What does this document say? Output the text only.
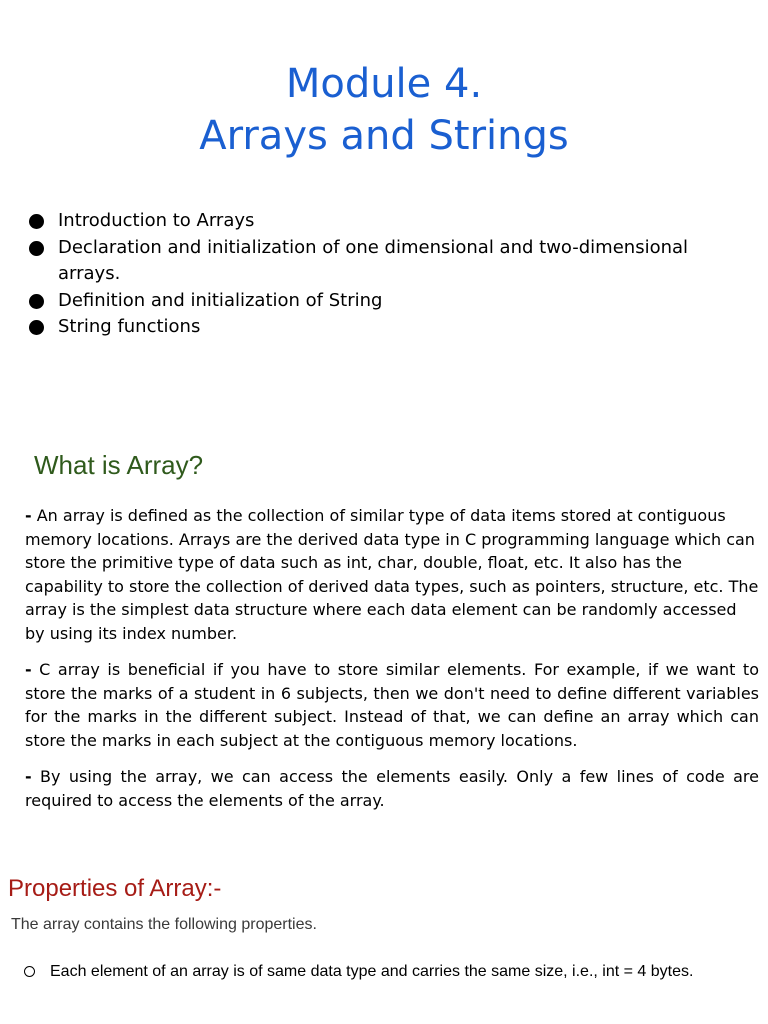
Module 4.
Arrays and Strings
Introduction to Arrays
Declaration and initialization of one dimensional and two-dimensional arrays.
Definition and initialization of String
String functions
What is Array?

- An array is defined as the collection of similar type of data items stored at contiguous memory locations. Arrays are the derived data type in C programming language which can store the primitive type of data such as int, char, double, float, etc. It also has the capability to store the collection of derived data types, such as pointers, structure, etc. The array is the simplest data structure where each data element can be randomly accessed by using its index number.

- C array is beneficial if you have to store similar elements. For example, if we want to store the marks of a student in 6 subjects, then we don't need to define different variables for the marks in the different subject. Instead of that, we can define an array which can store the marks in each subject at the contiguous memory locations.

- By using the array, we can access the elements easily. Only a few lines of code are required to access the elements of the array.

Properties of Array:-

The array contains the following properties.

Each element of an array is of same data type and carries the same size, i.e., int = 4 bytes.
